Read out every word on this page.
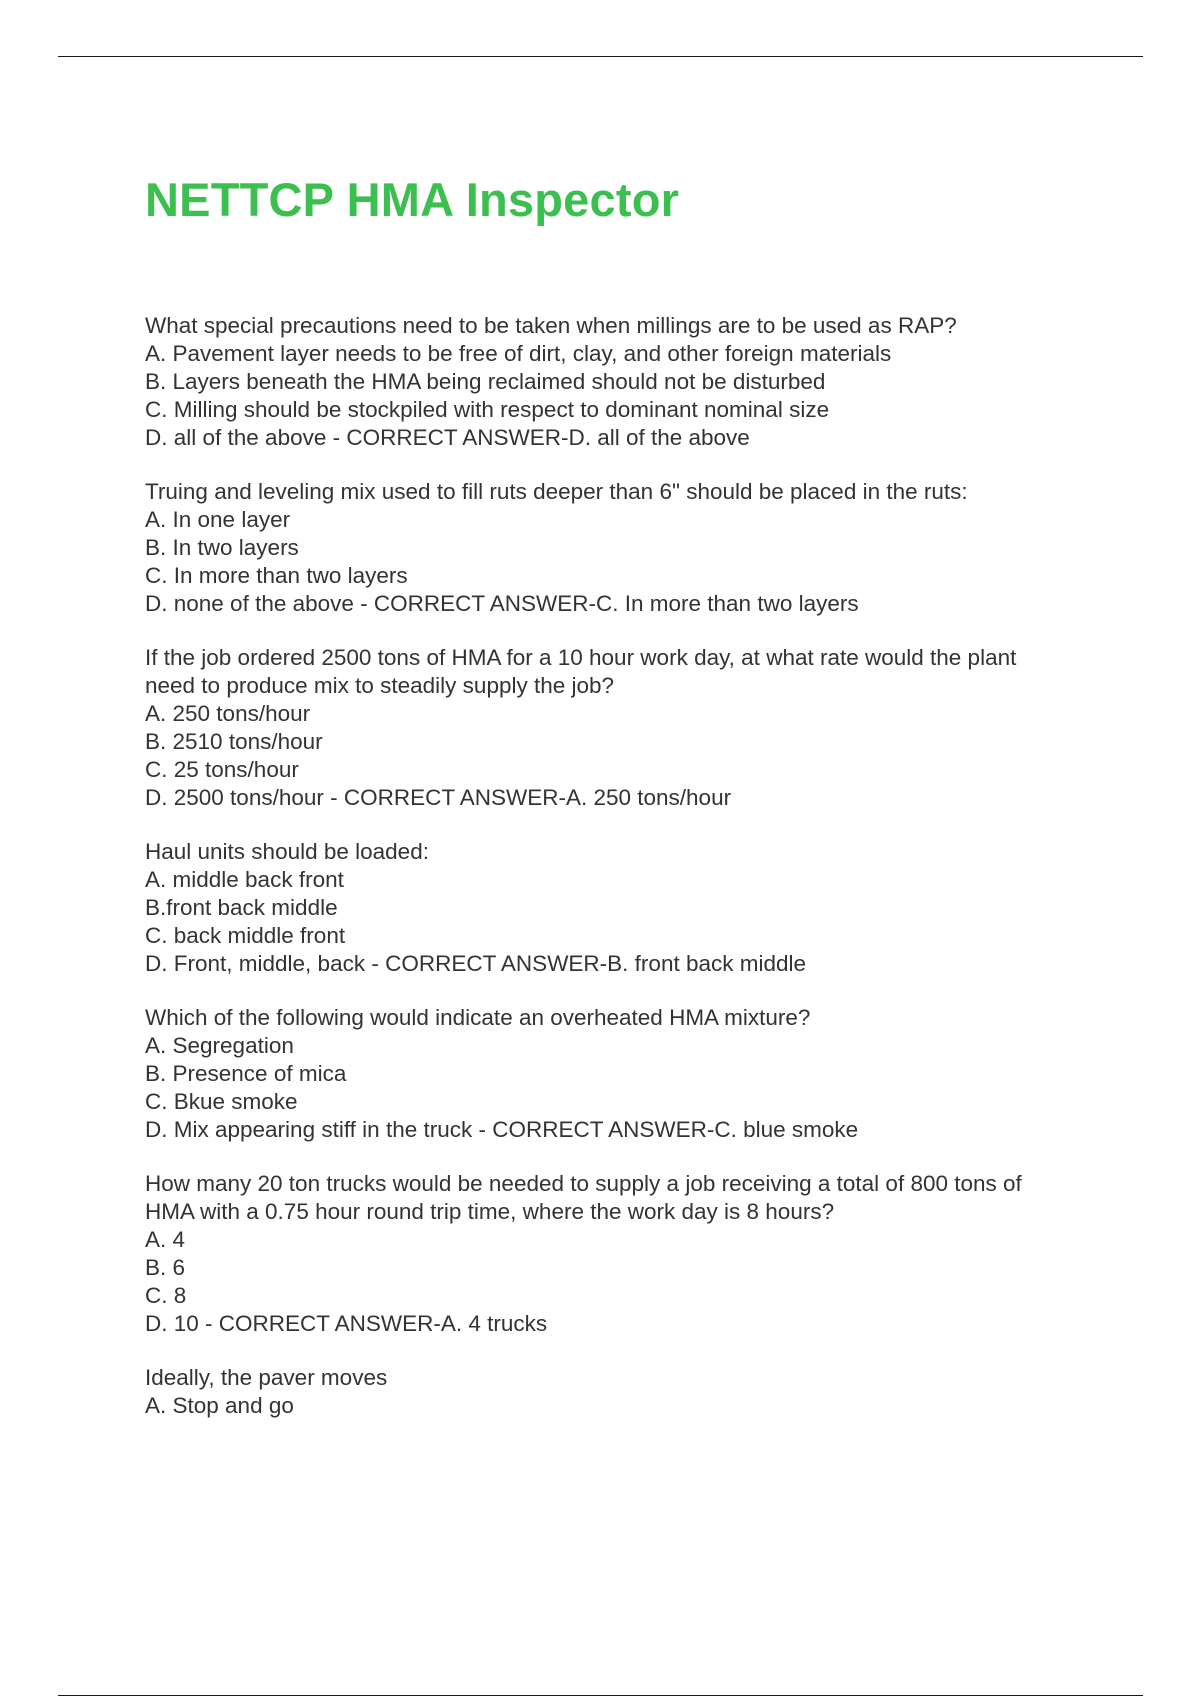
NETTCP HMA Inspector
What special precautions need to be taken when millings are to be used as RAP?
A. Pavement layer needs to be free of dirt, clay, and other foreign materials
B. Layers beneath the HMA being reclaimed should not be disturbed
C. Milling should be stockpiled with respect to dominant nominal size
D. all of the above - CORRECT ANSWER-D. all of the above
Truing and leveling mix used to fill ruts deeper than 6" should be placed in the ruts:
A. In one layer
B. In two layers
C. In more than two layers
D. none of the above - CORRECT ANSWER-C. In more than two layers
If the job ordered 2500 tons of HMA for a 10 hour work day, at what rate would the plant
need to produce mix to steadily supply the job?
A. 250 tons/hour
B. 2510 tons/hour
C. 25 tons/hour
D. 2500 tons/hour - CORRECT ANSWER-A. 250 tons/hour
Haul units should be loaded:
A. middle back front
B.front back middle
C. back middle front
D. Front, middle, back - CORRECT ANSWER-B. front back middle
Which of the following would indicate an overheated HMA mixture?
A. Segregation
B. Presence of mica
C. Bkue smoke
D. Mix appearing stiff in the truck - CORRECT ANSWER-C. blue smoke
How many 20 ton trucks would be needed to supply a job receiving a total of 800 tons of
HMA with a 0.75 hour round trip time, where the work day is 8 hours?
A. 4
B. 6
C. 8
D. 10 - CORRECT ANSWER-A. 4 trucks
Ideally, the paver moves
A. Stop and go
